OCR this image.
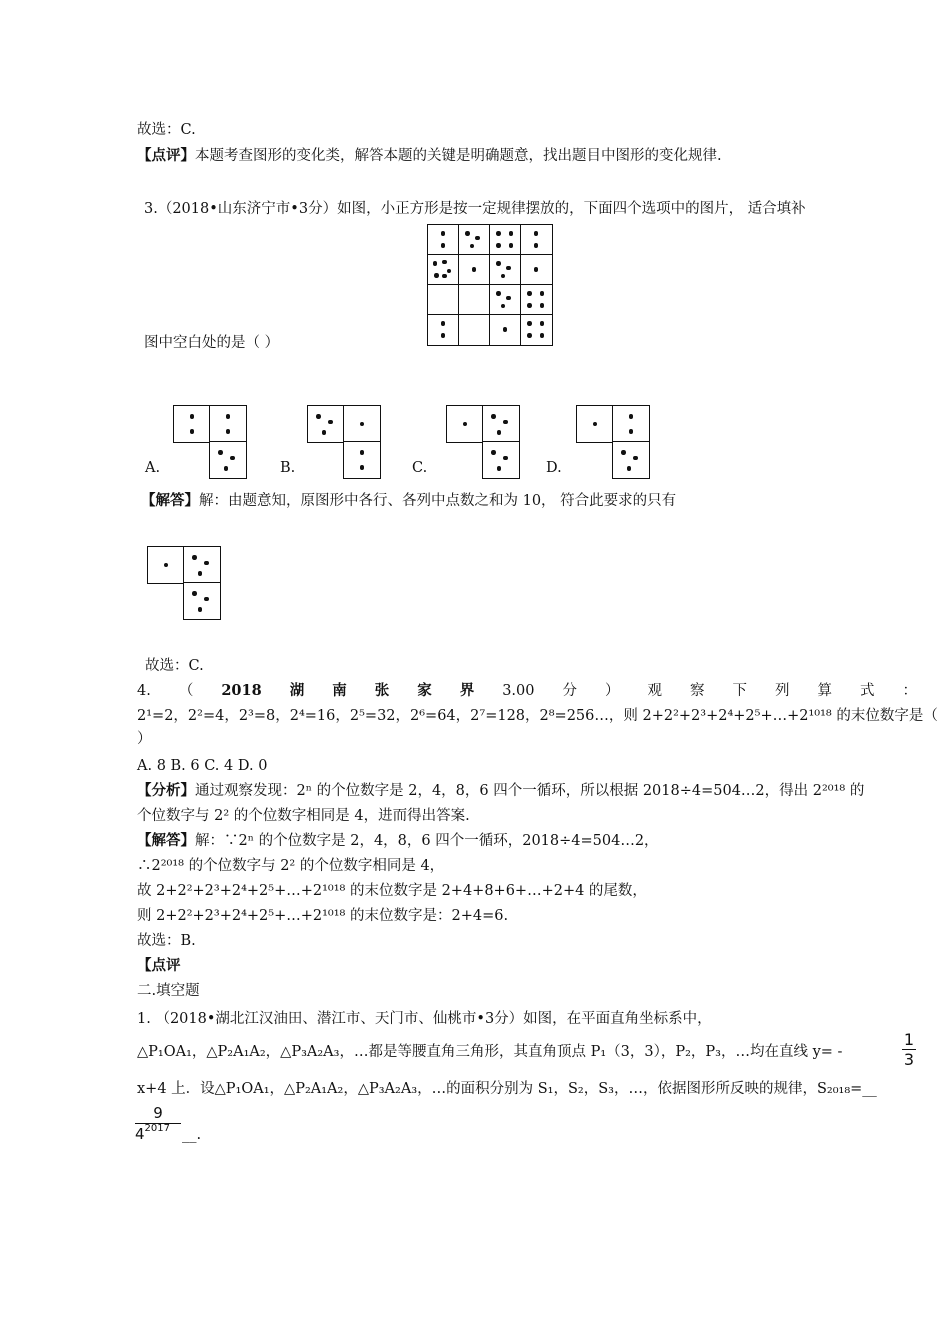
故选：C.
【点评】本题考查图形的变化类，解答本题的关键是明确题意，找出题目中图形的变化规律.
3.（2018•山东济宁市•3分）如图，小正方形是按一定规律摆放的，下面四个选项中的图片， 适合填补
图中空白处的是（ ）
A.	B.	C.	D.
【解答】解：由题意知，原图形中各行、各列中点数之和为 10， 符合此要求的只有
故选：C.
4. （ 2018 湖 南 张 家 界 3.00 分 ） 观 察 下 列 算 式 ：
2¹=2，2²=4，2³=8，2⁴=16，2⁵=32，2⁶=64，2⁷=128，2⁸=256…，则 2+2²+2³+2⁴+2⁵+…+2¹⁰¹⁸ 的末位数字是（
）
A. 8 B. 6 C. 4 D. 0
【分析】通过观察发现：2ⁿ 的个位数字是 2，4，8，6 四个一循环，所以根据 2018÷4=504…2，得出 2²⁰¹⁸ 的
个位数字与 2² 的个位数字相同是 4，进而得出答案.
【解答】解：∵2ⁿ 的个位数字是 2，4，8，6 四个一循环，2018÷4=504…2，
∴2²⁰¹⁸ 的个位数字与 2² 的个位数字相同是 4，
故 2+2²+2³+2⁴+2⁵+…+2¹⁰¹⁸ 的末位数字是 2+4+8+6+…+2+4 的尾数，
则 2+2²+2³+2⁴+2⁵+…+2¹⁰¹⁸ 的末位数字是：2+4=6.
故选：B.
【点评
二.填空题
1. （2018•湖北江汉油田、潜江市、天门市、仙桃市•3分）如图，在平面直角坐标系中，
△P₁OA₁，△P₂A₁A₂，△P₃A₂A₃，…都是等腰直角三角形，其直角顶点 P₁（3，3），P₂，P₃，…均在直线 y= -	$\frac{1}{3}$
x+4 上．设△P₁OA₁，△P₂A₁A₂，△P₃A₂A₃，…的面积分别为 S₁，S₂，S₃，…，依据图形所反映的规律，S₂₀₁₈=__
$\frac{9}{4^{2017}}$ __.
